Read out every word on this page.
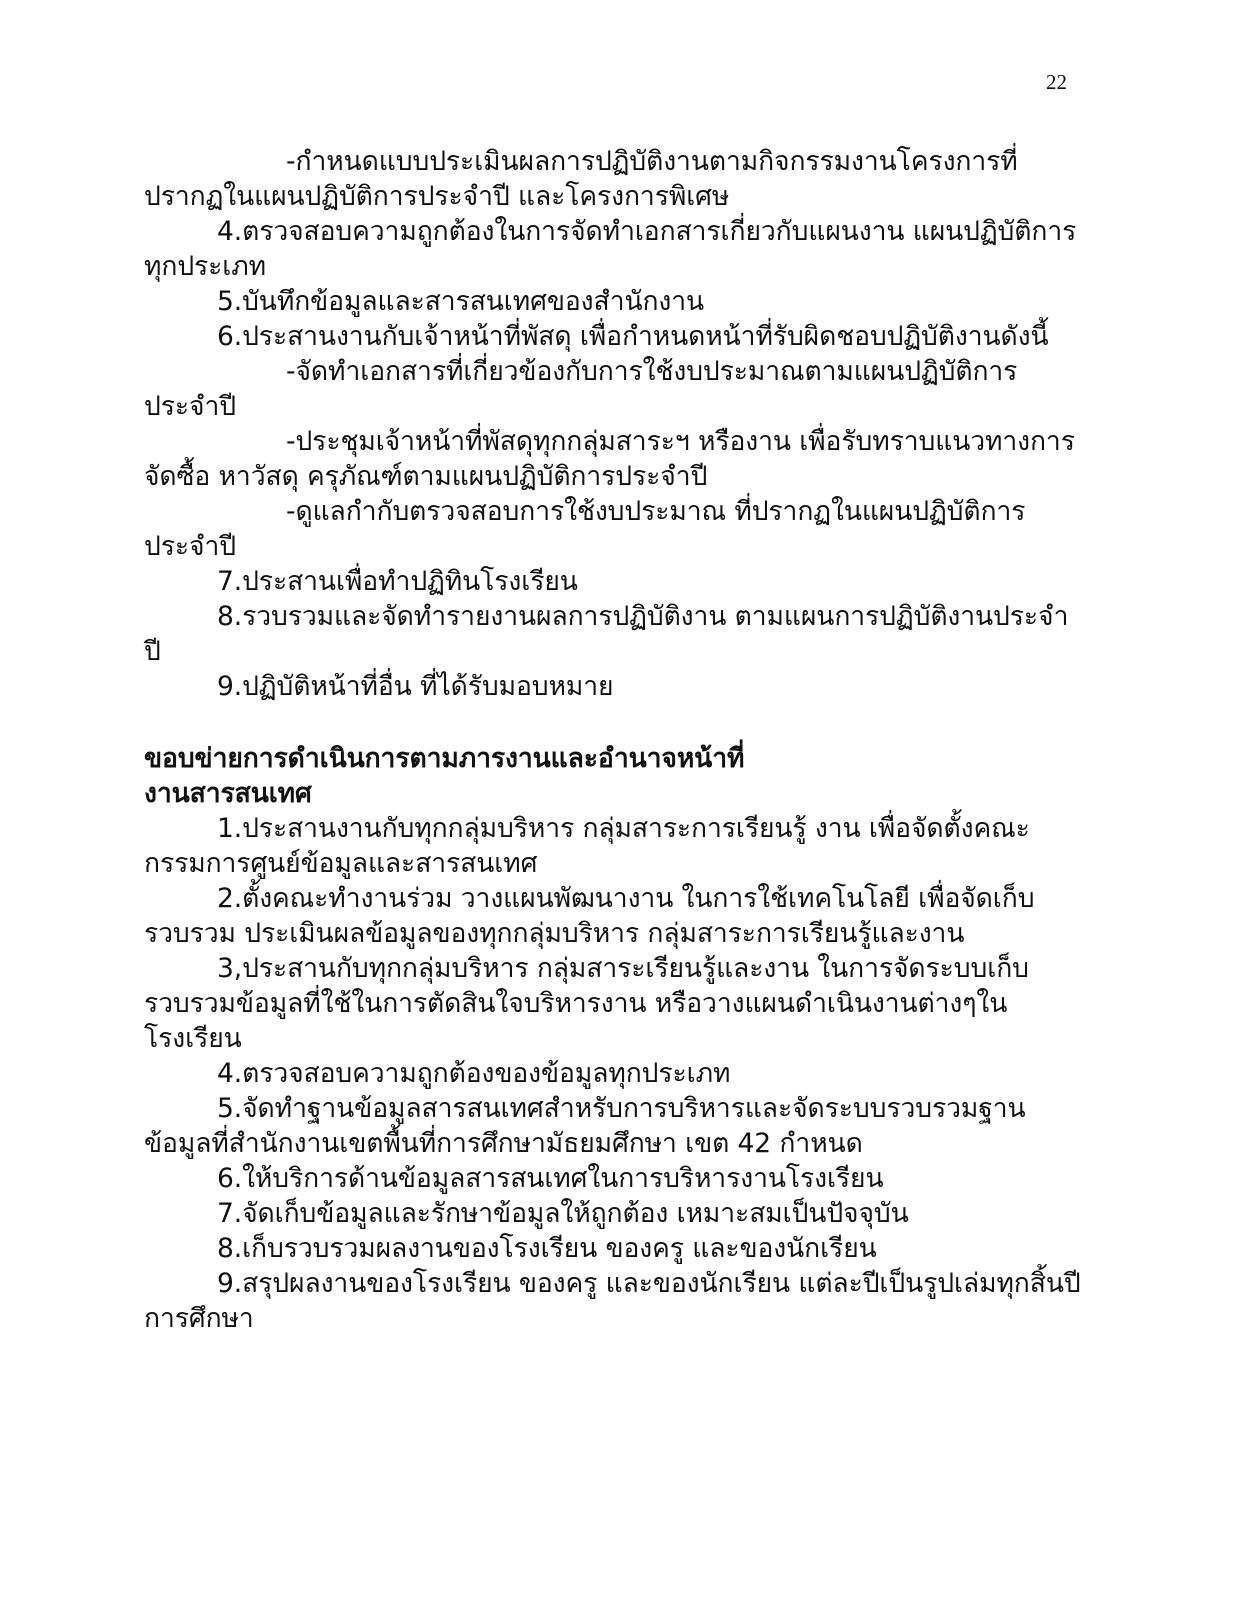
22

-กำหนดแบบประเมินผลการปฏิบัติงานตามกิจกรรมงานโครงการที่ปรากฏในแผนปฏิบัติการประจำปี และโครงการพิเศษ

4.ตรวจสอบความถูกต้องในการจัดทำเอกสารเกี่ยวกับแผนงาน แผนปฏิบัติการทุกประเภท

5.บันทึกข้อมูลและสารสนเทศของสำนักงาน

6.ประสานงานกับเจ้าหน้าที่พัสดุ เพื่อกำหนดหน้าที่รับผิดชอบปฏิบัติงานดังนี้

-จัดทำเอกสารที่เกี่ยวข้องกับการใช้งบประมาณตามแผนปฏิบัติการประจำปี

-ประชุมเจ้าหน้าที่พัสดุทุกกลุ่มสาระฯ หรืองาน เพื่อรับทราบแนวทางการจัดซื้อ หาวัสดุ ครุภัณฑ์ตามแผนปฏิบัติการประจำปี

-ดูแลกำกับตรวจสอบการใช้งบประมาณ ที่ปรากฏในแผนปฏิบัติการประจำปี

7.ประสานเพื่อทำปฏิทินโรงเรียน

8.รวบรวมและจัดทำรายงานผลการปฏิบัติงาน ตามแผนการปฏิบัติงานประจำปี

9.ปฏิบัติหน้าที่อื่น ที่ได้รับมอบหมาย

ขอบข่ายการดำเนินการตามภารงานและอำนาจหน้าที่

งานสารสนเทศ

1.ประสานงานกับทุกกลุ่มบริหาร กลุ่มสาระการเรียนรู้ งาน เพื่อจัดตั้งคณะกรรมการศูนย์ข้อมูลและสารสนเทศ

2.ตั้งคณะทำงานร่วม วางแผนพัฒนางาน ในการใช้เทคโนโลยี เพื่อจัดเก็บรวบรวม ประเมินผลข้อมูลของทุกกลุ่มบริหาร กลุ่มสาระการเรียนรู้และงาน

3,ประสานกับทุกกลุ่มบริหาร กลุ่มสาระเรียนรู้และงาน ในการจัดระบบเก็บรวบรวมข้อมูลที่ใช้ในการตัดสินใจบริหารงาน หรือวางแผนดำเนินงานต่างๆในโรงเรียน

4.ตรวจสอบความถูกต้องของข้อมูลทุกประเภท

5.จัดทำฐานข้อมูลสารสนเทศสำหรับการบริหารและจัดระบบรวบรวมฐานข้อมูลที่สำนักงานเขตพื้นที่การศึกษามัธยมศึกษา เขต 42 กำหนด

6.ให้บริการด้านข้อมูลสารสนเทศในการบริหารงานโรงเรียน

7.จัดเก็บข้อมูลและรักษาข้อมูลให้ถูกต้อง เหมาะสมเป็นปัจจุบัน

8.เก็บรวบรวมผลงานของโรงเรียน ของครู และของนักเรียน

9.สรุปผลงานของโรงเรียน ของครู และของนักเรียน แต่ละปีเป็นรูปเล่มทุกสิ้นปีการศึกษา
